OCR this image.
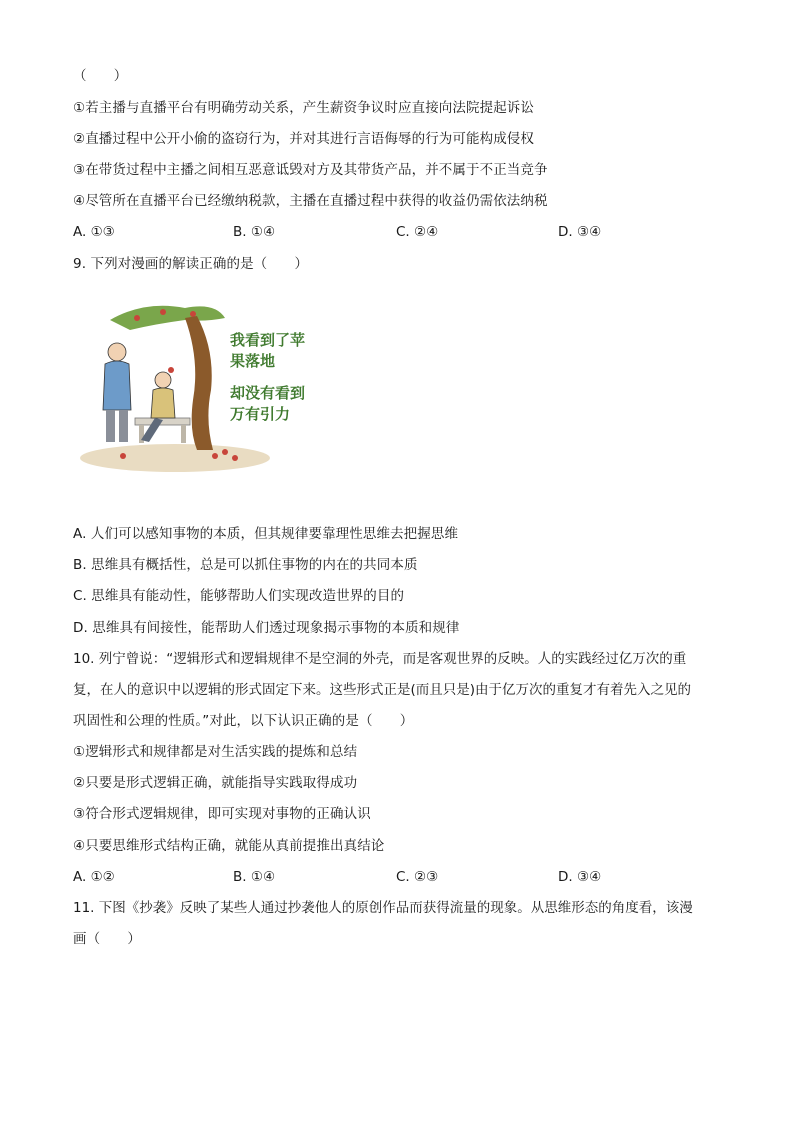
（　　）
①若主播与直播平台有明确劳动关系，产生薪资争议时应直接向法院提起诉讼
②直播过程中公开小偷的盗窃行为，并对其进行言语侮辱的行为可能构成侵权
③在带货过程中主播之间相互恶意诋毁对方及其带货产品，并不属于不正当竞争
④尽管所在直播平台已经缴纳税款，主播在直播过程中获得的收益仍需依法纳税
A. ①③	B. ①④	C. ②④	D. ③④
9. 下列对漫画的解读正确的是（　　）
我看到了苹
果落地
却没有看到
万有引力
A. 人们可以感知事物的本质，但其规律要靠理性思维去把握思维
B. 思维具有概括性，总是可以抓住事物的内在的共同本质
C. 思维具有能动性，能够帮助人们实现改造世界的目的
D. 思维具有间接性，能帮助人们透过现象揭示事物的本质和规律
10. 列宁曾说：“逻辑形式和逻辑规律不是空洞的外壳，而是客观世界的反映。人的实践经过亿万次的重
复，在人的意识中以逻辑的形式固定下来。这些形式正是(而且只是)由于亿万次的重复才有着先入之见的
巩固性和公理的性质。”对此，以下认识正确的是（　　）
①逻辑形式和规律都是对生活实践的提炼和总结
②只要是形式逻辑正确，就能指导实践取得成功
③符合形式逻辑规律，即可实现对事物的正确认识
④只要思维形式结构正确，就能从真前提推出真结论
A. ①②	B. ①④	C. ②③	D. ③④
11. 下图《抄袭》反映了某些人通过抄袭他人的原创作品而获得流量的现象。从思维形态的角度看，该漫
画（　　）
